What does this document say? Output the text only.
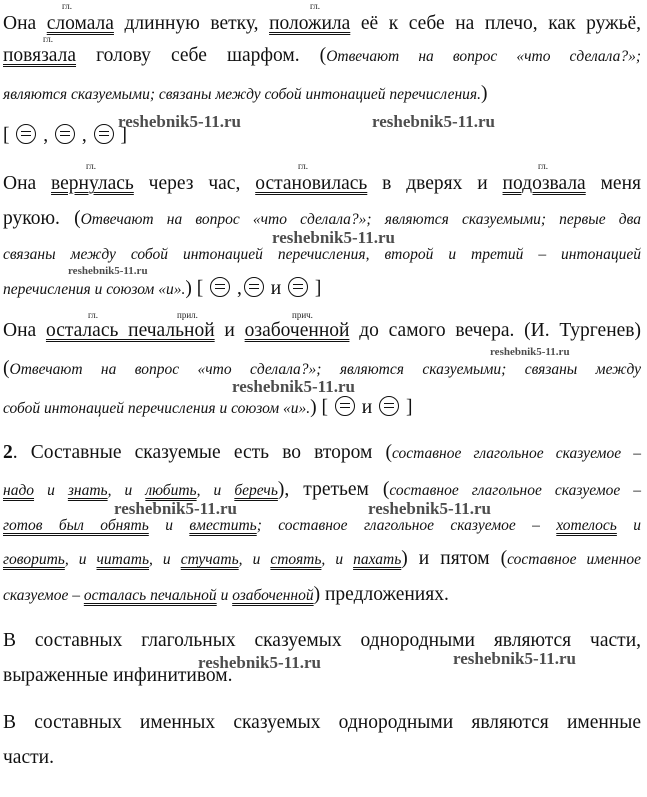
гл.	гл.
гл.
гл.	гл.	гл.
гл.	прил.	прич.
Она сломала длинную ветку, положила её к себе на плечо, как ружьё,
повязала голову себе шарфом. (Отвечают на вопрос «что сделала?»;
являются сказуемыми; связаны между собой интонацией перечисления.)
[  ,  ,  ]
Она вернулась через час, остановилась в дверях и подозвала меня
рукою. (Отвечают на вопрос «что сделала?»; являются сказуемыми; первые два
связаны между собой интонацией перечисления, второй и третий – интонацией
перечисления и союзом «и».) [  , и  ]
Она осталась печальной и озабоченной до самого вечера. (И. Тургенев)
(Отвечают на вопрос «что сделала?»; являются сказуемыми; связаны между
собой интонацией перечисления и союзом «и».) [  и  ]
2. Составные сказуемые есть во втором (составное глагольное сказуемое –
надо и знать, и любить, и беречь), третьем (составное глагольное сказуемое –
готов был обнять и вместить; составное глагольное сказуемое – хотелось и
говорить, и читать, и стучать, и стоять, и пахать) и пятом (составное именное
сказуемое – осталась печальной и озабоченной) предложениях.
В составных глагольных сказуемых однородными являются части,
выраженные инфинитивом.
В составных именных сказуемых однородными являются именные
части.
reshebnik5-11.ru	reshebnik5-11.ru
reshebnik5-11.ru
reshebnik5-11.ru
reshebnik5-11.ru
reshebnik5-11.ru
reshebnik5-11.ru	reshebnik5-11.ru
reshebnik5-11.ru	reshebnik5-11.ru
